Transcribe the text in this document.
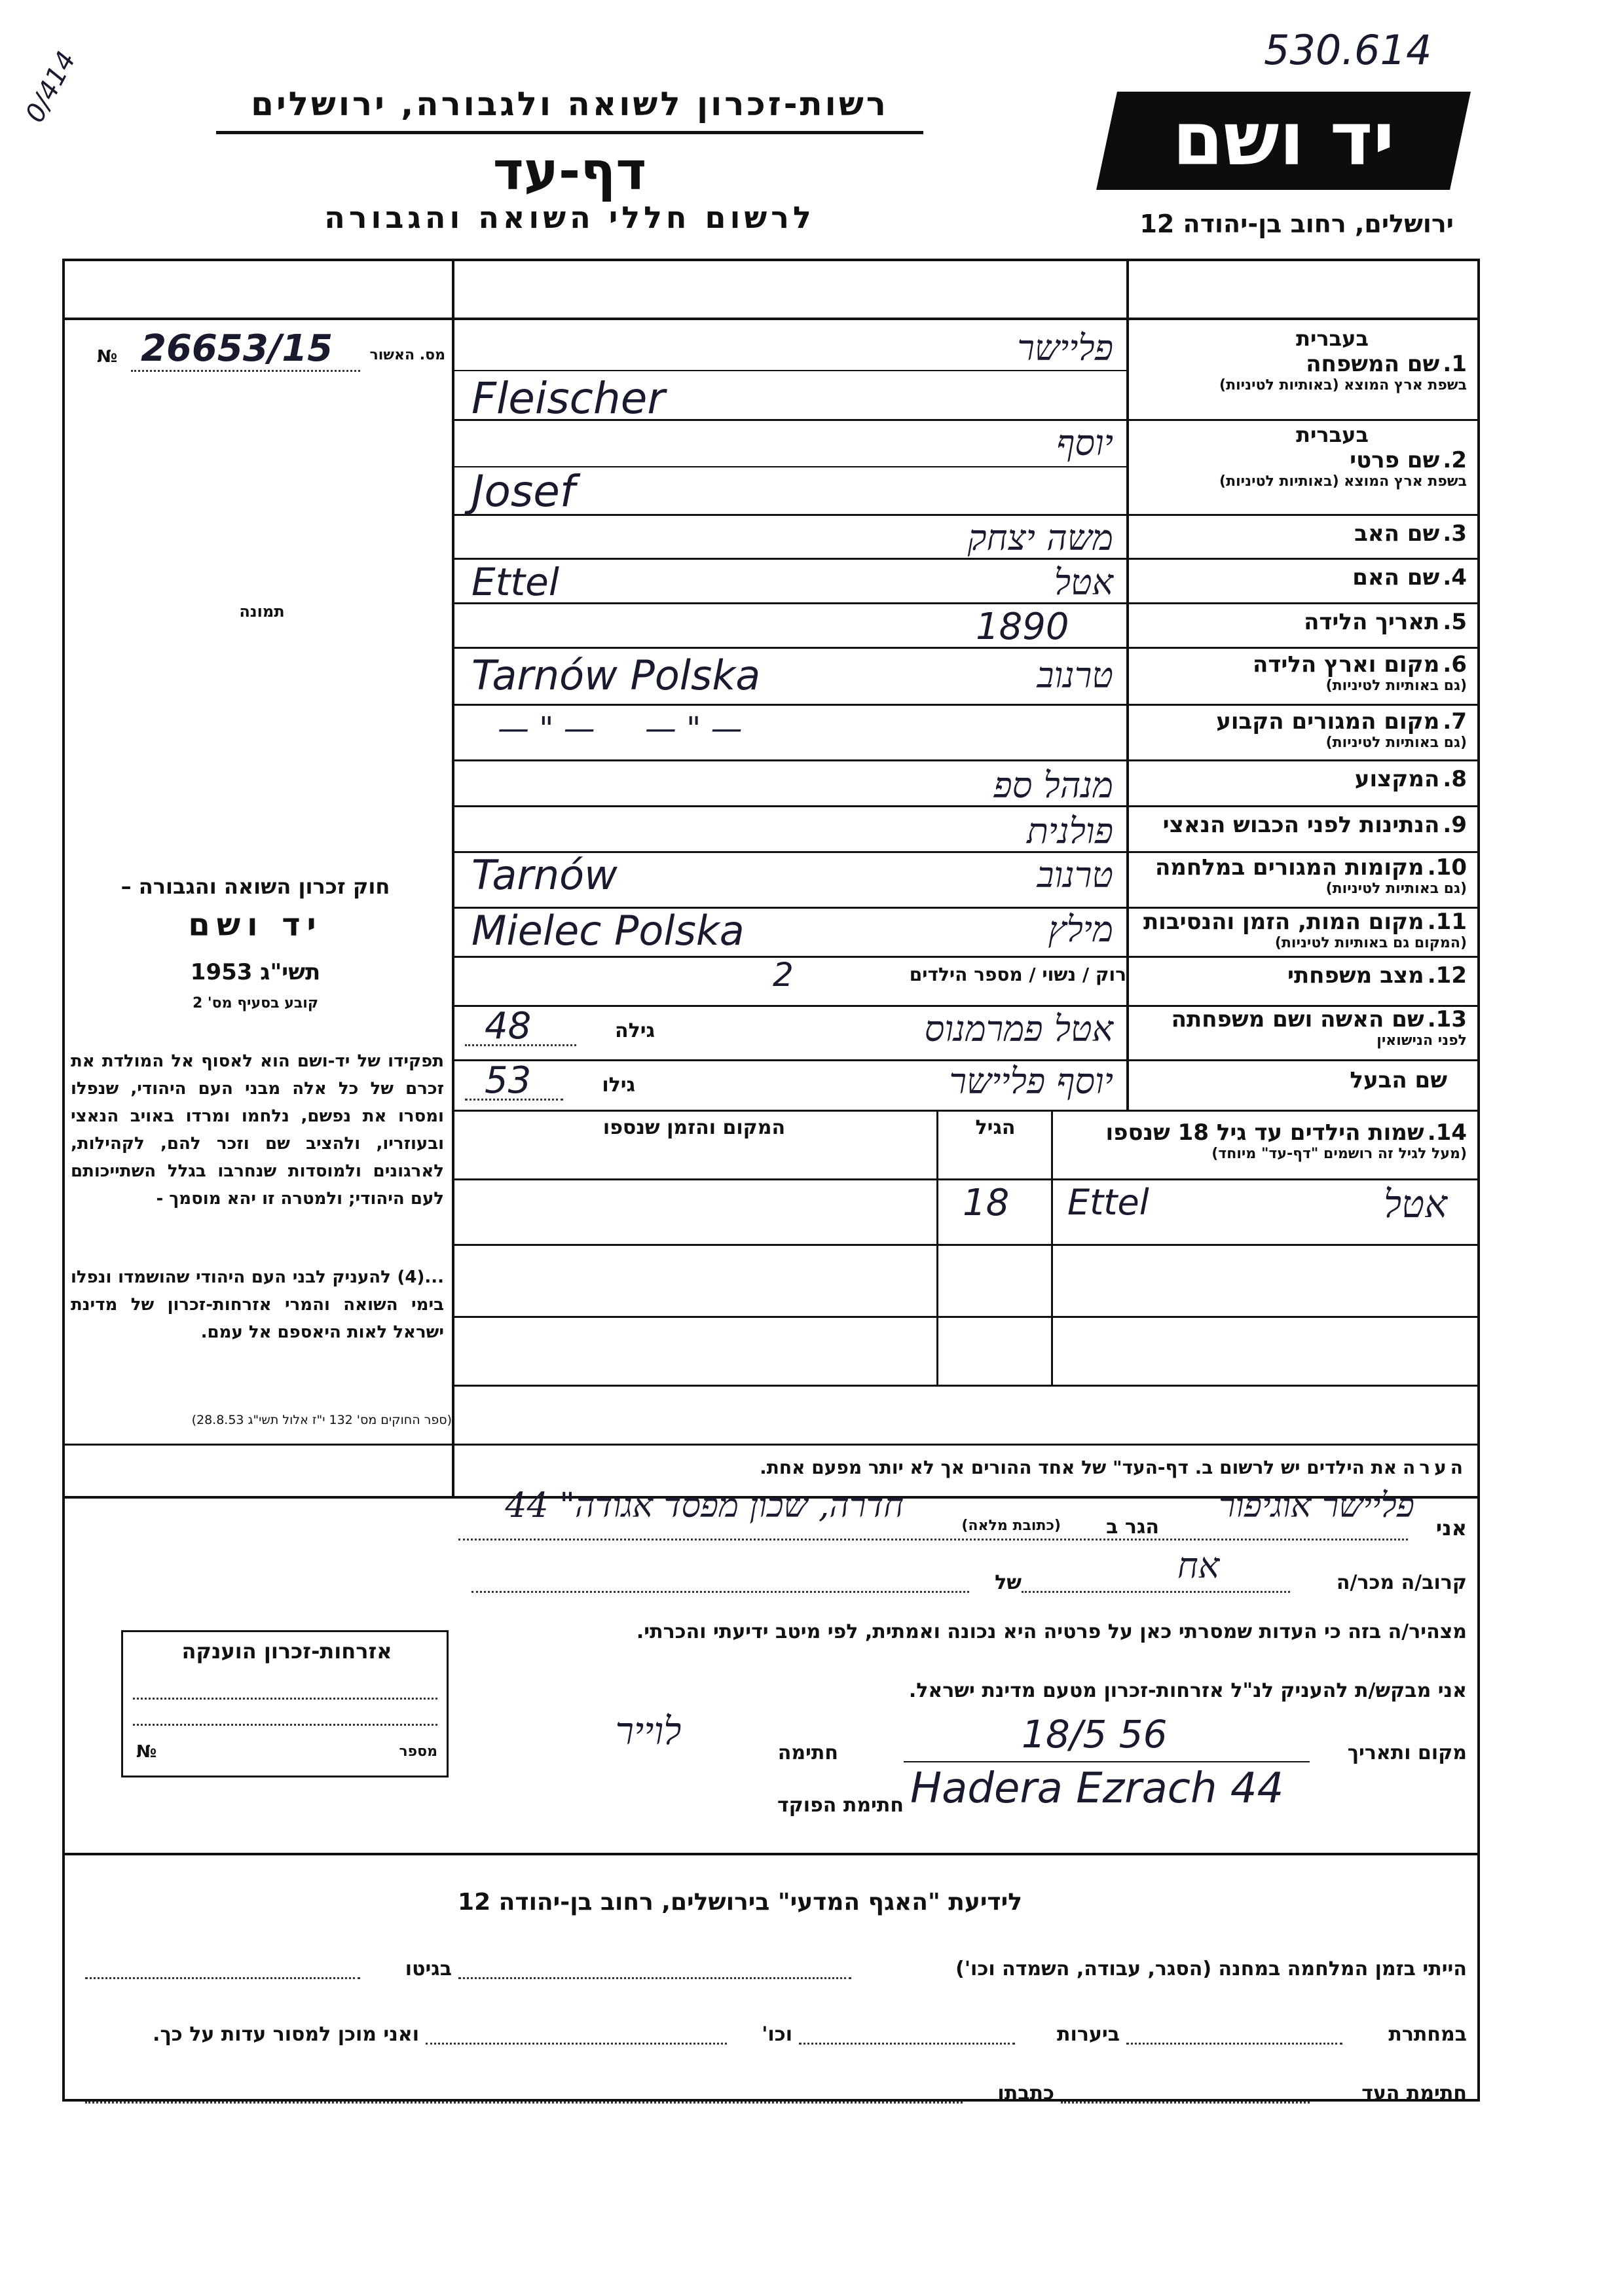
530.614
0/414	רשות-זכרון לשואה ולגבורה, ירושלים
דף-עד
לרשום חללי השואה והגבורה
יד ושם
ירושלים, רחוב בן-יהודה 12
מס. האשור
№ 26653/15
תמונה
חוק זכרון השואה והגבורה –
יד ושם
תשי"ג 1953
קובע בסעיף מס' 2
תפקידו של יד-ושם הוא לאסוף אל המולדת את זכרם של כל אלה מבני העם היהודי, שנפלו ומסרו את נפשם, נלחמו ומרדו באויב הנאצי ובעוזריו, ולהציב שם וזכר להם, לקהילות, לארגונים ולמוסדות שנחרבו בגלל השתייכותם לעם היהודי; ולמטרה זו יהא מוסמך -
...(4) להעניק לבני העם היהודי שהושמדו ונפלו בימי השואה והמרי אזרחות-זכרון של מדינת ישראל לאות היאספם אל עמם.
(ספר החוקים מס' 132 י"ז אלול תשי"ג 28.8.53)
בעברית
1. שם המשפחה
בשפת ארץ המוצא (באותיות לטיניות)
בעברית
2. שם פרטי
בשפת ארץ המוצא (באותיות לטיניות)
3. שם האב
4. שם האם
5. תאריך הלידה
6. מקום וארץ הלידה
(גם באותיות לטיניות)
7. מקום המגורים הקבוע
(גם באותיות לטיניות)
8. המקצוע
9. הנתינות לפני הכבוש הנאצי
10. מקומות המגורים במלחמה
(גם באותיות לטיניות)
11. מקום המות, הזמן והנסיבות
(המקום גם באותיות לטיניות)
12. מצב משפחתי
13. שם האשה ושם משפחתה
לפני הנישואין
שם הבעל
פליישר
Fleischer
יוסף
Josef
משה יצחק
אטל
Ettel
1890
טרנוב
Tarnów Polska
— " —     — " —
מנהל ספ
פולנית
טרנוב
Tarnów
מילץ
Mielec Polska
רוק / נשוי / מספר הילדים
2
אטל פמרמנוס
גילה
48
יוסף פליישר
גילו
53
14. שמות הילדים עד גיל 18 שנספו
(מעל לגיל זה רושמים "דף-עד" מיוחד)
הגיל
המקום והזמן שנספו
אטל
Ettel
18
הערה את הילדים יש לרשום ב. דף-העד" של אחד ההורים אך לא יותר מפעם אחת.
אני
פליישר אוגיפור
הגר ב
(כתובת מלאה)
חדרה, שכון מפסד אגודה" 44
קרוב/ה מכר/ה
אח
של
מצהיר/ה בזה כי העדות שמסרתי כאן על פרטיה היא נכונה ואמתית, לפי מיטב ידיעתי והכרתי.
אני מבקש/ת להעניק לנ"ל אזרחות-זכרון מטעם מדינת ישראל.
מקום ותאריך
18/5 56
חתימה
לוייר
חתימת הפוקד Hadera Ezrach 44
אזרחות-זכרון הוענקה
מספר
№
לידיעת "האגף המדעי" בירושלים, רחוב בן-יהודה 12
הייתי בזמן המלחמה במחנה (הסגר, עבודה, השמדה וכו')
בגיטו
במחתרת
ביערות
וכו'
ואני מוכן למסור עדות על כך.
חתימת העד
כתבתו
